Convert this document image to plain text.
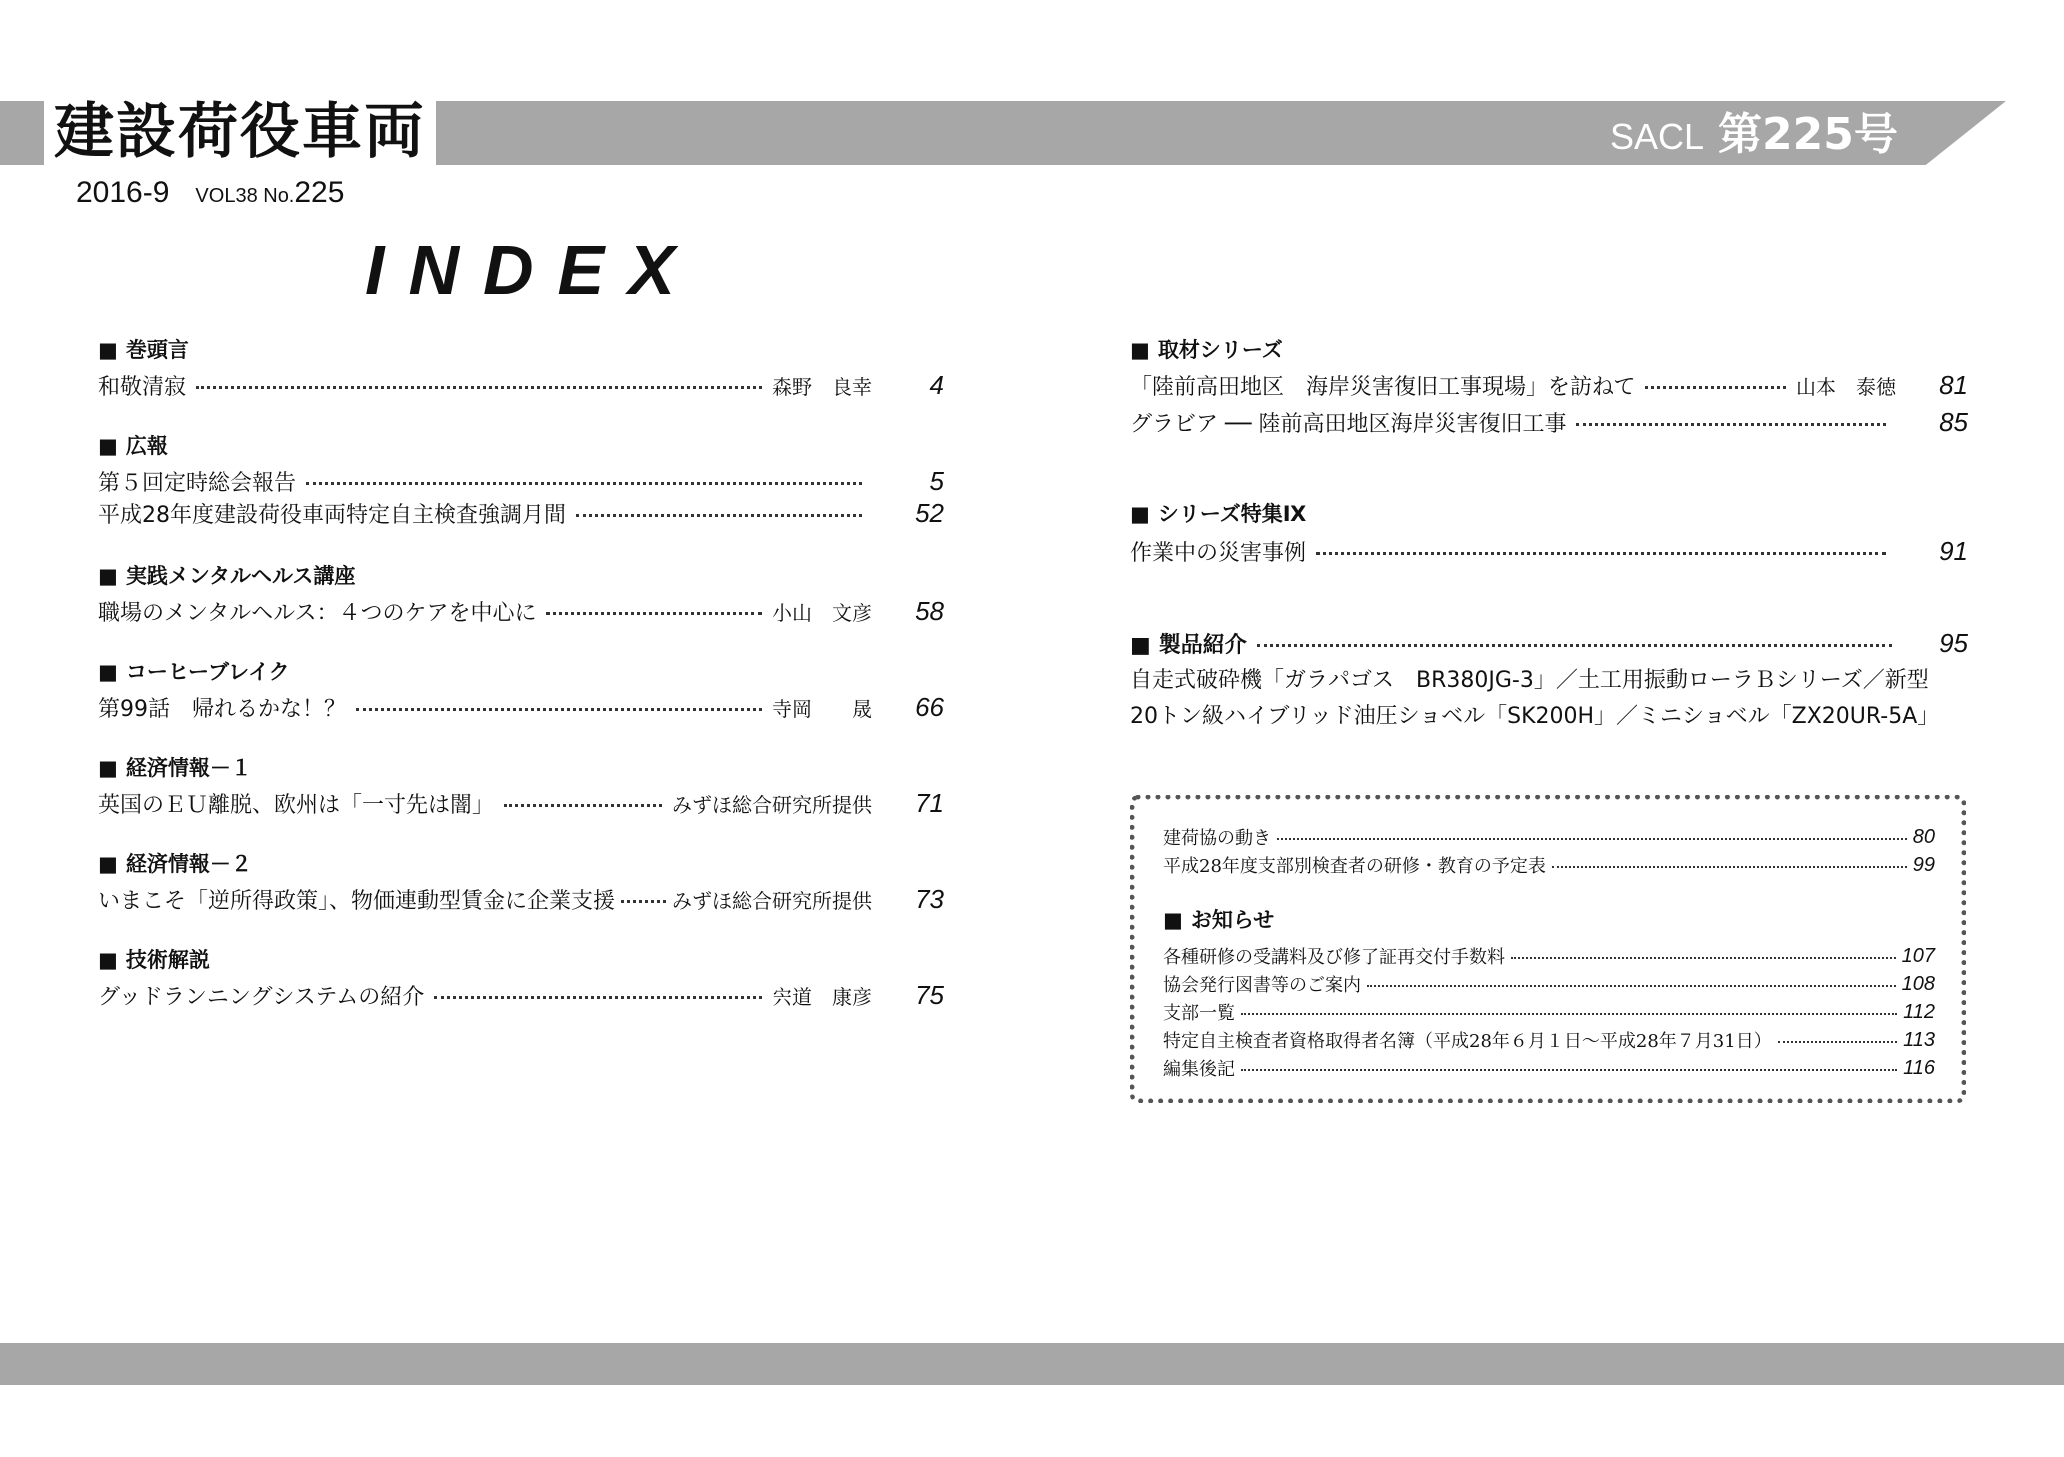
建設荷役車両	SACL 第225号
2016-9 VOL38 No.225
INDEX
■ 巻頭言
和敬清寂	森野　良幸	4
■ 広報
第５回定時総会報告	5
平成28年度建設荷役車両特定自主検査強調月間	52
■ 実践メンタルヘルス講座
職場のメンタルヘルス：４つのケアを中心に	小山　文彦	58
■ コーヒーブレイク
第99話　帰れるかな！？	寺岡　　晟	66
■ 経済情報－１
英国のＥＵ離脱、欧州は「一寸先は闇」	みずほ総合研究所提供	71
■ 経済情報－２
いまこそ「逆所得政策」、物価連動型賃金に企業支援	みずほ総合研究所提供	73
■ 技術解説
グッドランニングシステムの紹介	宍道　康彦	75
■ 取材シリーズ
「陸前高田地区　海岸災害復旧工事現場」を訪ねて	山本　泰徳	81
グラビア ── 陸前高田地区海岸災害復旧工事	85
■ シリーズ特集Ⅸ
作業中の災害事例	91
■ 製品紹介	95
自走式破砕機「ガラパゴス　BR380JG-3」／土工用振動ローラＢシリーズ／新型
20トン級ハイブリッド油圧ショベル「SK200H」／ミニショベル「ZX20UR-5A」
建荷協の動き	80
平成28年度支部別検査者の研修・教育の予定表	99
■ お知らせ
各種研修の受講料及び修了証再交付手数料	107
協会発行図書等のご案内	108
支部一覧	112
特定自主検査者資格取得者名簿（平成28年６月１日～平成28年７月31日）	113
編集後記	116
